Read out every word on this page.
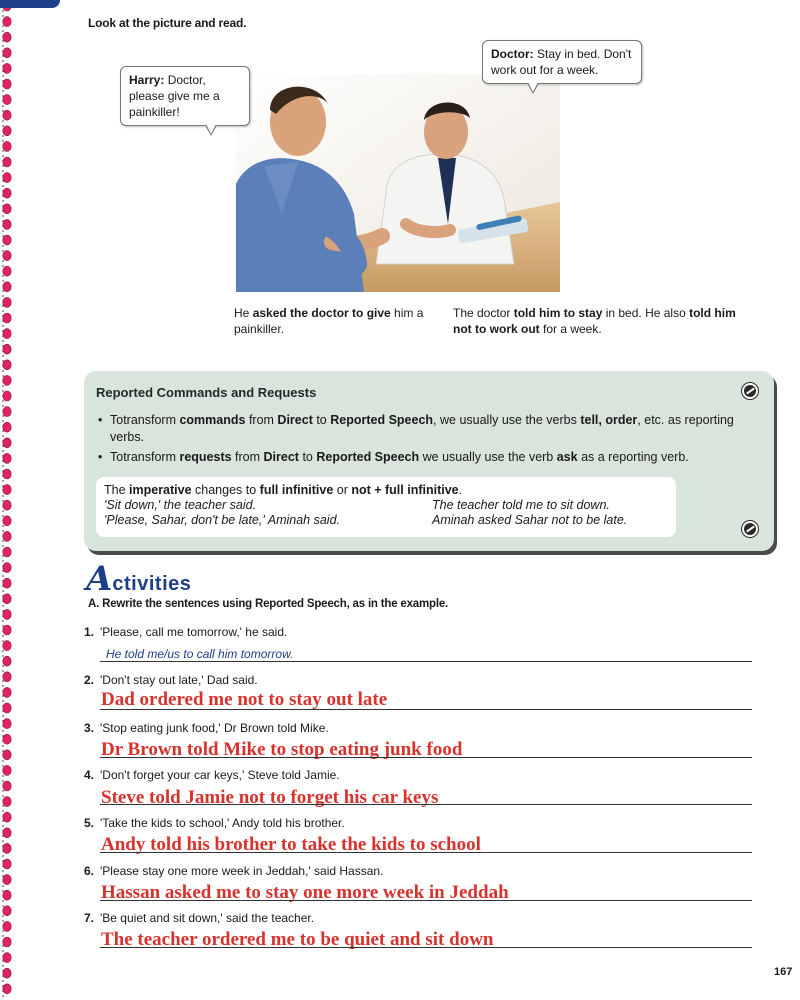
Look at the picture and read.
Harry: Doctor, please give me a painkiller!
Doctor: Stay in bed. Don't work out for a week.
He asked the doctor to give him a painkiller.
The doctor told him to stay in bed. He also told him not to work out for a week.
Reported Commands and Requests
• Totransform commands from Direct to Reported Speech, we usually use the verbs tell, order, etc. as reporting verbs.
• Totransform requests from Direct to Reported Speech we usually use the verb ask as a reporting verb.
The imperative changes to full infinitive or not + full infinitive.
'Sit down,' the teacher said.	The teacher told me to sit down.
'Please, Sahar, don't be late,' Aminah said.	Aminah asked Sahar not to be late.
A ctivities
A. Rewrite the sentences using Reported Speech, as in the example.
1. 'Please, call me tomorrow,' he said.
He told me/us to call him tomorrow.
2. 'Don't stay out late,' Dad said.
Dad ordered me not to stay out late
3. 'Stop eating junk food,' Dr Brown told Mike.
Dr Brown told Mike to stop eating junk food
4. 'Don't forget your car keys,' Steve told Jamie.
Steve told Jamie not to forget his car keys
5. 'Take the kids to school,' Andy told his brother.
Andy told his brother to take the kids to school
6. 'Please stay one more week in Jeddah,' said Hassan.
Hassan asked me to stay one more week in Jeddah
7. 'Be quiet and sit down,' said the teacher.
The teacher ordered me to be quiet and sit down
167
